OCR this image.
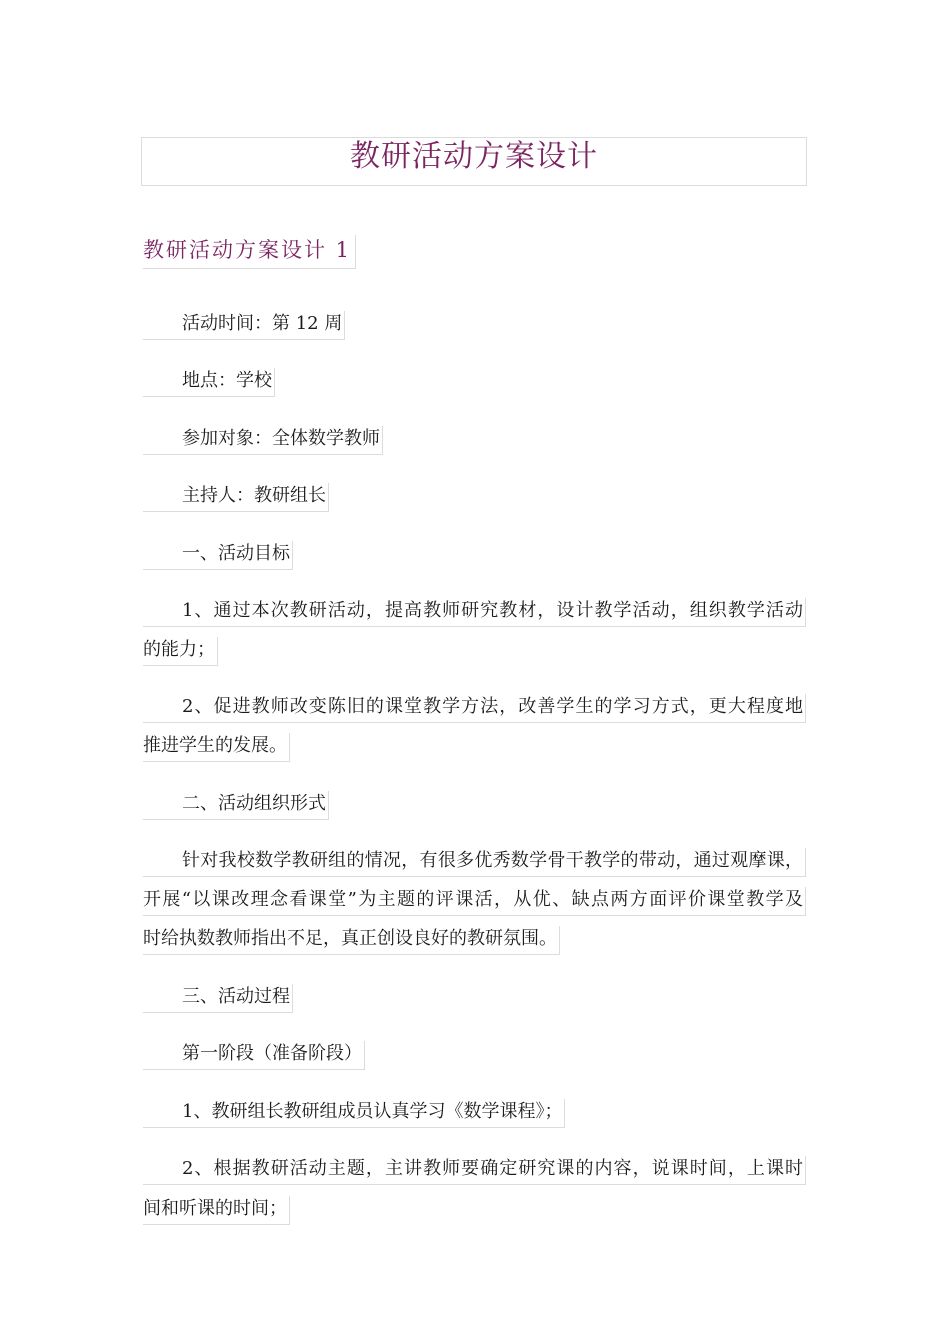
教研活动方案设计
教研活动方案设计 1
活动时间：第 12 周
地点：学校
参加对象：全体数学教师
主持人：教研组长
一、活动目标
1、通过本次教研活动，提高教师研究教材，设计教学活动，组织教学活动
的能力；
2、促进教师改变陈旧的课堂教学方法，改善学生的学习方式，更大程度地
推进学生的发展。
二、活动组织形式
针对我校数学教研组的情况，有很多优秀数学骨干教学的带动，通过观摩课，
开展“以课改理念看课堂”为主题的评课活，从优、缺点两方面评价课堂教学及
时给执数教师指出不足，真正创设良好的教研氛围。
三、活动过程
第一阶段（准备阶段）
1、教研组长教研组成员认真学习《数学课程》；
2、根据教研活动主题，主讲教师要确定研究课的内容，说课时间，上课时
间和听课的时间；
